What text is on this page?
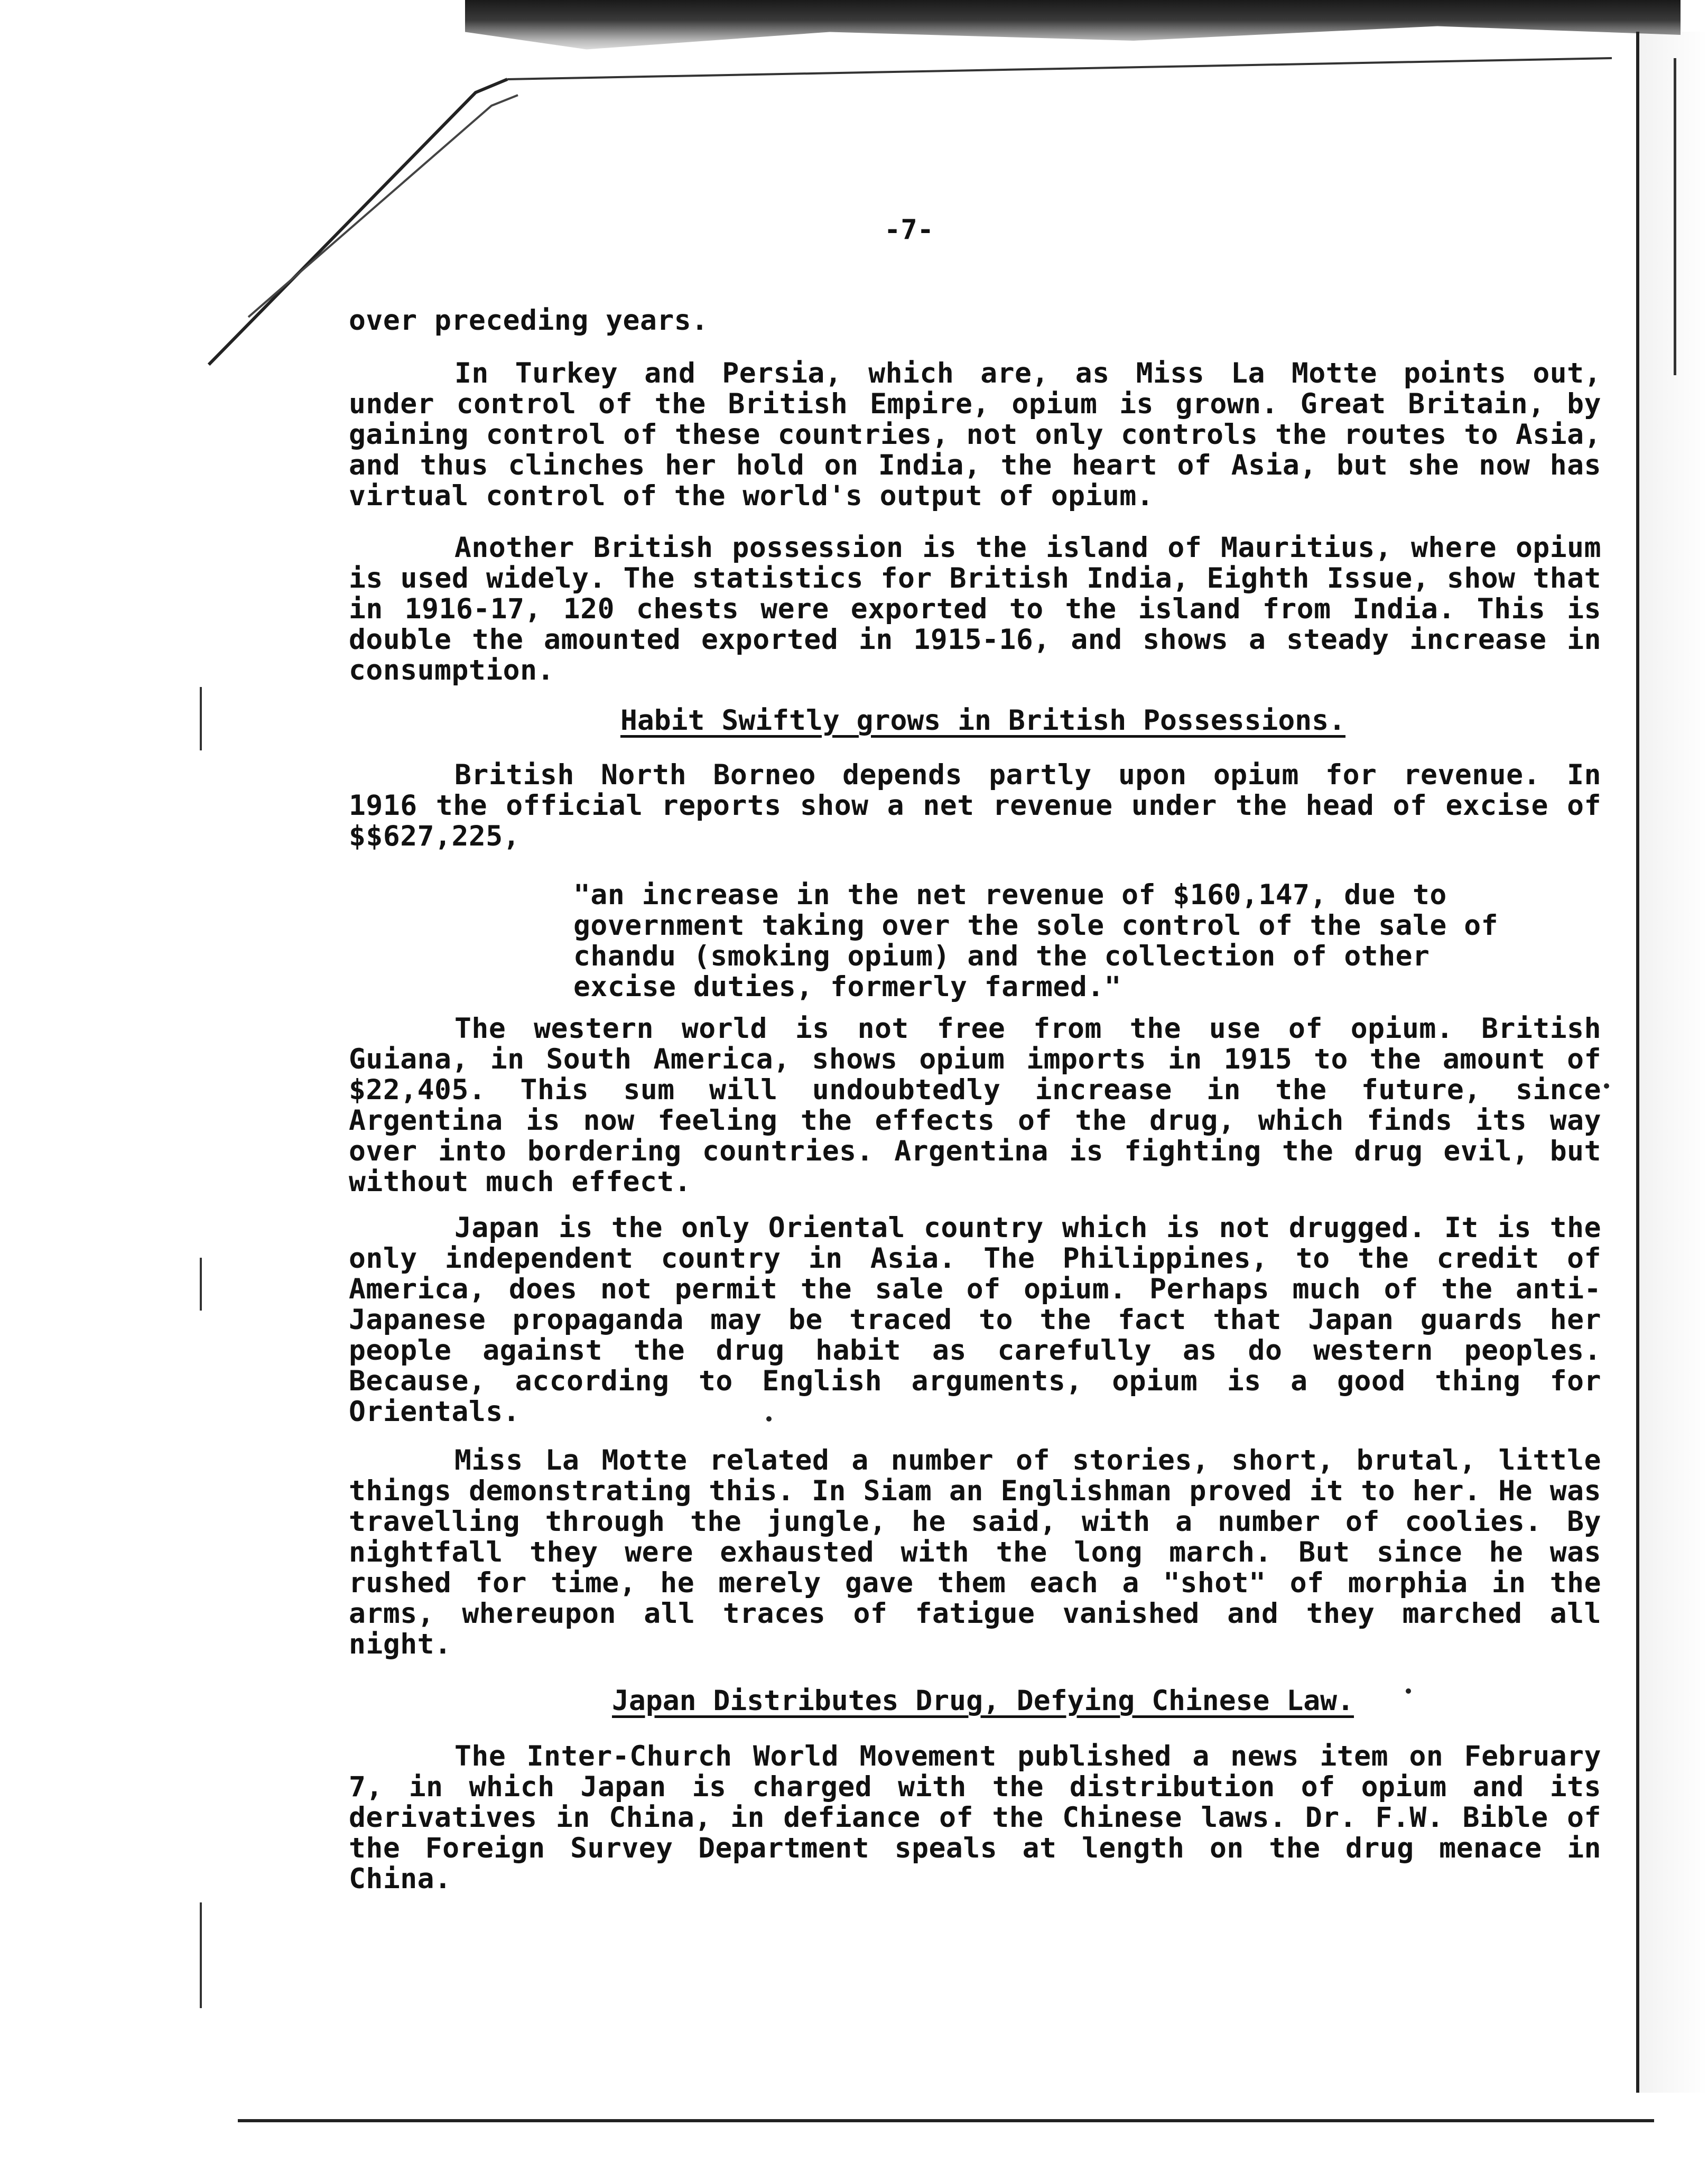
-7-

over preceding years.

In Turkey and Persia, which are, as Miss La Motte points out, under control of the British Empire, opium is grown. Great Britain, by gaining control of these countries, not only controls the routes to Asia, and thus clinches her hold on India, the heart of Asia, but she now has virtual control of the world's output of opium.

Another British possession is the island of Mauritius, where opium is used widely. The statistics for British India, Eighth Issue, show that in 1916-17, 120 chests were exported to the island from India. This is double the amounted exported in 1915-16, and shows a steady increase in consumption.

Habit Swiftly grows in British Possessions.

British North Borneo depends partly upon opium for revenue. In 1916 the official reports show a net revenue under the head of excise of $$627,225,

"an increase in the net revenue of $160,147, due to government taking over the sole control of the sale of chandu (smoking opium) and the collection of other excise duties, formerly farmed."

The western world is not free from the use of opium. British Guiana, in South America, shows opium imports in 1915 to the amount of $22,405. This sum will undoubtedly increase in the future, since Argentina is now feeling the effects of the drug, which finds its way over into bordering countries. Argentina is fighting the drug evil, but without much effect.

Japan is the only Oriental country which is not drugged. It is the only independent country in Asia. The Philippines, to the credit of America, does not permit the sale of opium. Perhaps much of the anti-Japanese propaganda may be traced to the fact that Japan guards her people against the drug habit as carefully as do western peoples. Because, according to English arguments, opium is a good thing for Orientals.

Miss La Motte related a number of stories, short, brutal, little things demonstrating this. In Siam an Englishman proved it to her. He was travelling through the jungle, he said, with a number of coolies. By nightfall they were exhausted with the long march. But since he was rushed for time, he merely gave them each a "shot" of morphia in the arms, whereupon all traces of fatigue vanished and they marched all night.

Japan Distributes Drug, Defying Chinese Law.

The Inter-Church World Movement published a news item on February 7, in which Japan is charged with the distribution of opium and its derivatives in China, in defiance of the Chinese laws. Dr. F.W. Bible of the Foreign Survey Department speals at length on the drug menace in China.
